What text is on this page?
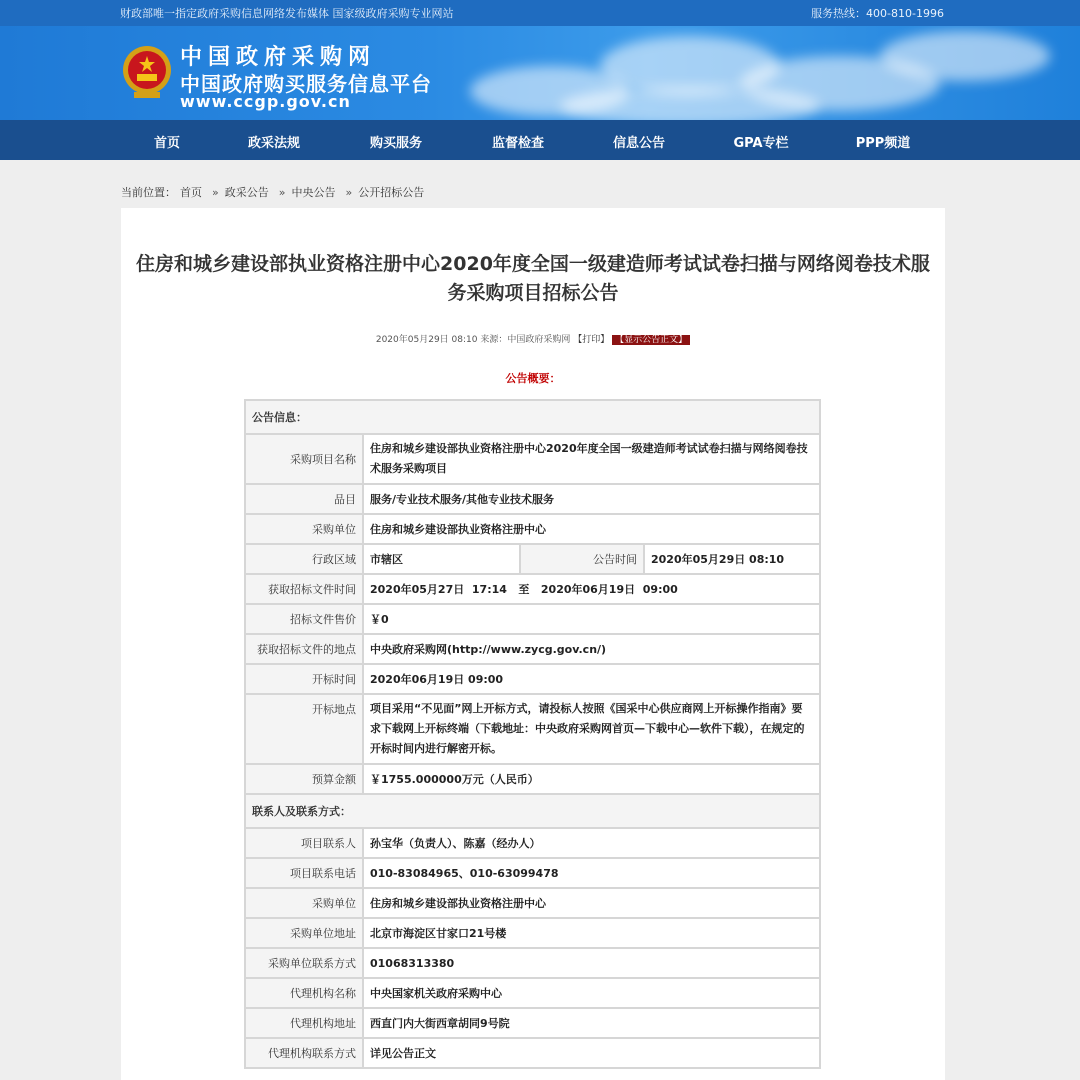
财政部唯一指定政府采购信息网络发布媒体 国家级政府采购专业网站	服务热线：400-810-1996
中国政府采购网
中国政府购买服务信息平台
www.ccgp.gov.cn
首页	政采法规	购买服务	监督检查	信息公告	GPA专栏	PPP频道
当前位置： 首页 » 政采公告 » 中央公告 » 公开招标公告
住房和城乡建设部执业资格注册中心2020年度全国一级建造师考试试卷扫描与网络阅卷技术服务采购项目招标公告
2020年05月29日 08:10 来源：中国政府采购网 【打印】 【显示公告正文】
公告概要：
公告信息：			
采购项目名称	住房和城乡建设部执业资格注册中心2020年度全国一级建造师考试试卷扫描与网络阅卷技术服务采购项目		
品目	服务/专业技术服务/其他专业技术服务		
采购单位	住房和城乡建设部执业资格注册中心		
行政区域	市辖区	公告时间	2020年05月29日 08:10
获取招标文件时间	2020年05月27日  17:14   至   2020年06月19日  09:00		
招标文件售价	￥0		
获取招标文件的地点	中央政府采购网(http://www.zycg.gov.cn/)		
开标时间	2020年06月19日 09:00		
开标地点	项目采用“不见面”网上开标方式，请投标人按照《国采中心供应商网上开标操作指南》要求下载网上开标终端（下载地址：中央政府采购网首页—下载中心—软件下载），在规定的开标时间内进行解密开标。		
预算金额	￥1755.000000万元（人民币）		
联系人及联系方式：			
项目联系人	孙宝华（负责人）、陈嘉（经办人）		
项目联系电话	010-83084965、010-63099478		
采购单位	住房和城乡建设部执业资格注册中心		
采购单位地址	北京市海淀区甘家口21号楼		
采购单位联系方式	01068313380		
代理机构名称	中央国家机关政府采购中心		
代理机构地址	西直门内大街西章胡同9号院		
代理机构联系方式	详见公告正文		
